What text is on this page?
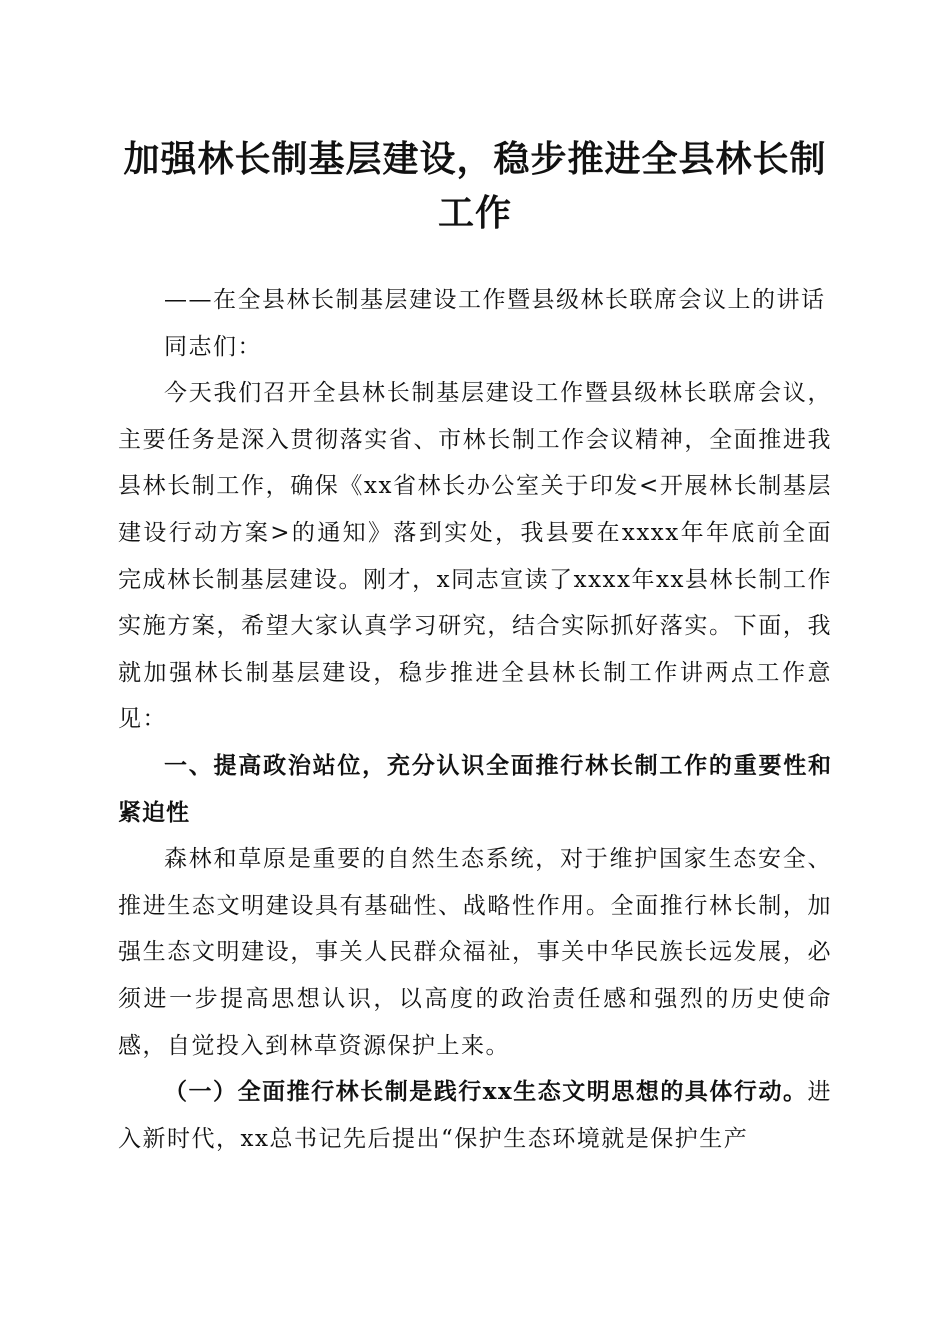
加强林长制基层建设，稳步推进全县林长制工作

——在全县林长制基层建设工作暨县级林长联席会议上的讲话

同志们：

今天我们召开全县林长制基层建设工作暨县级林长联席会议，主要任务是深入贯彻落实省、市林长制工作会议精神，全面推进我县林长制工作，确保《xx省林长办公室关于印发<开展林长制基层建设行动方案>的通知》落到实处，我县要在xxxx年年底前全面完成林长制基层建设。刚才，x同志宣读了xxxx年xx县林长制工作实施方案，希望大家认真学习研究，结合实际抓好落实。下面，我就加强林长制基层建设，稳步推进全县林长制工作讲两点工作意见：

一、提高政治站位，充分认识全面推行林长制工作的重要性和紧迫性

森林和草原是重要的自然生态系统，对于维护国家生态安全、推进生态文明建设具有基础性、战略性作用。全面推行林长制，加强生态文明建设，事关人民群众福祉，事关中华民族长远发展，必须进一步提高思想认识，以高度的政治责任感和强烈的历史使命感，自觉投入到林草资源保护上来。

（一）全面推行林长制是践行xx生态文明思想的具体行动。进入新时代，xx总书记先后提出“保护生态环境就是保护生产
